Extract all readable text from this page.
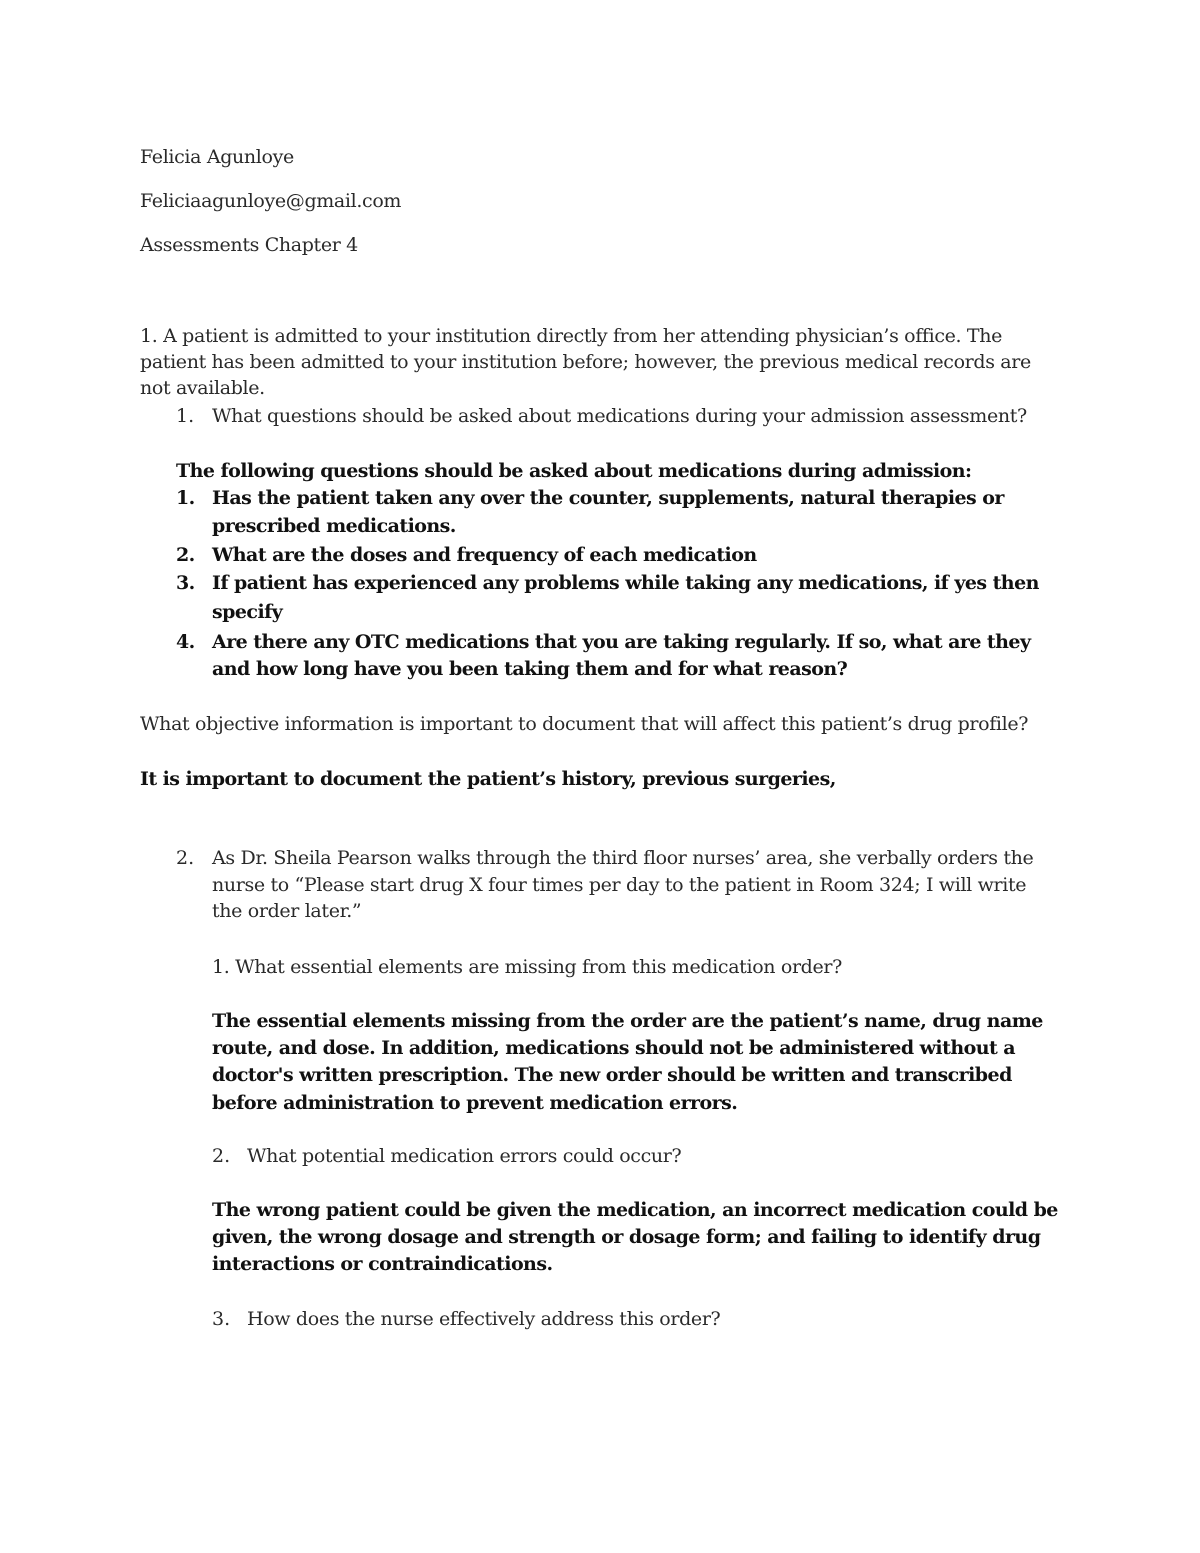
Felicia Agunloye
Feliciaagunloye@gmail.com
Assessments Chapter 4
1. A patient is admitted to your institution directly from her attending physician’s office. The
patient has been admitted to your institution before; however, the previous medical records are
not available.
1. What questions should be asked about medications during your admission assessment?
The following questions should be asked about medications during admission:
1. Has the patient taken any over the counter, supplements, natural therapies or
prescribed medications.
2. What are the doses and frequency of each medication
3. If patient has experienced any problems while taking any medications, if yes then
specify
4. Are there any OTC medications that you are taking regularly. If so, what are they
and how long have you been taking them and for what reason?
What objective information is important to document that will affect this patient’s drug profile?
It is important to document the patient’s history, previous surgeries,
2. As Dr. Sheila Pearson walks through the third floor nurses’ area, she verbally orders the
nurse to “Please start drug X four times per day to the patient in Room 324; I will write
the order later.”
1. What essential elements are missing from this medication order?
The essential elements missing from the order are the patient’s name, drug name
route, and dose. In addition, medications should not be administered without a
doctor's written prescription. The new order should be written and transcribed
before administration to prevent medication errors.
2. What potential medication errors could occur?
The wrong patient could be given the medication, an incorrect medication could be
given, the wrong dosage and strength or dosage form; and failing to identify drug
interactions or contraindications.
3. How does the nurse effectively address this order?
